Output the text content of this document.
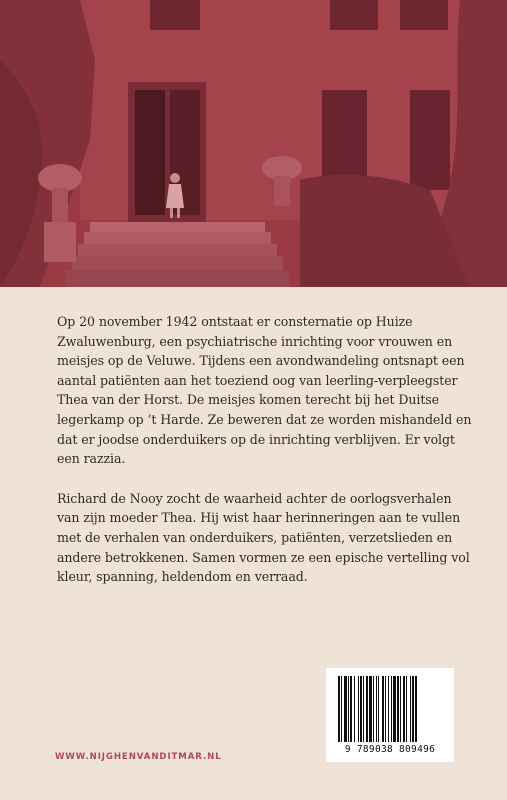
Op 20 november 1942 ontstaat er consternatie op Huize Zwaluwenburg, een psychiatrische inrichting voor vrouwen en meisjes op de Veluwe. Tijdens een avondwandeling ontsnapt een aantal patiënten aan het toeziend oog van leerling-verpleegster Thea van der Horst. De meisjes komen terecht bij het Duitse legerkamp op ’t Harde. Ze beweren dat ze worden mishandeld en dat er joodse onderduikers op de inrichting verblijven. Er volgt een razzia.

Richard de Nooy zocht de waarheid achter de oorlogsverhalen van zijn moeder Thea. Hij wist haar herinneringen aan te vullen met de verhalen van onderduikers, patiënten, verzetslieden en andere betrokkenen. Samen vormen ze een epische vertelling vol kleur, spanning, heldendom en verraad.

WWW.NIJGHENVANDITMAR.NL
9 789038 809496
